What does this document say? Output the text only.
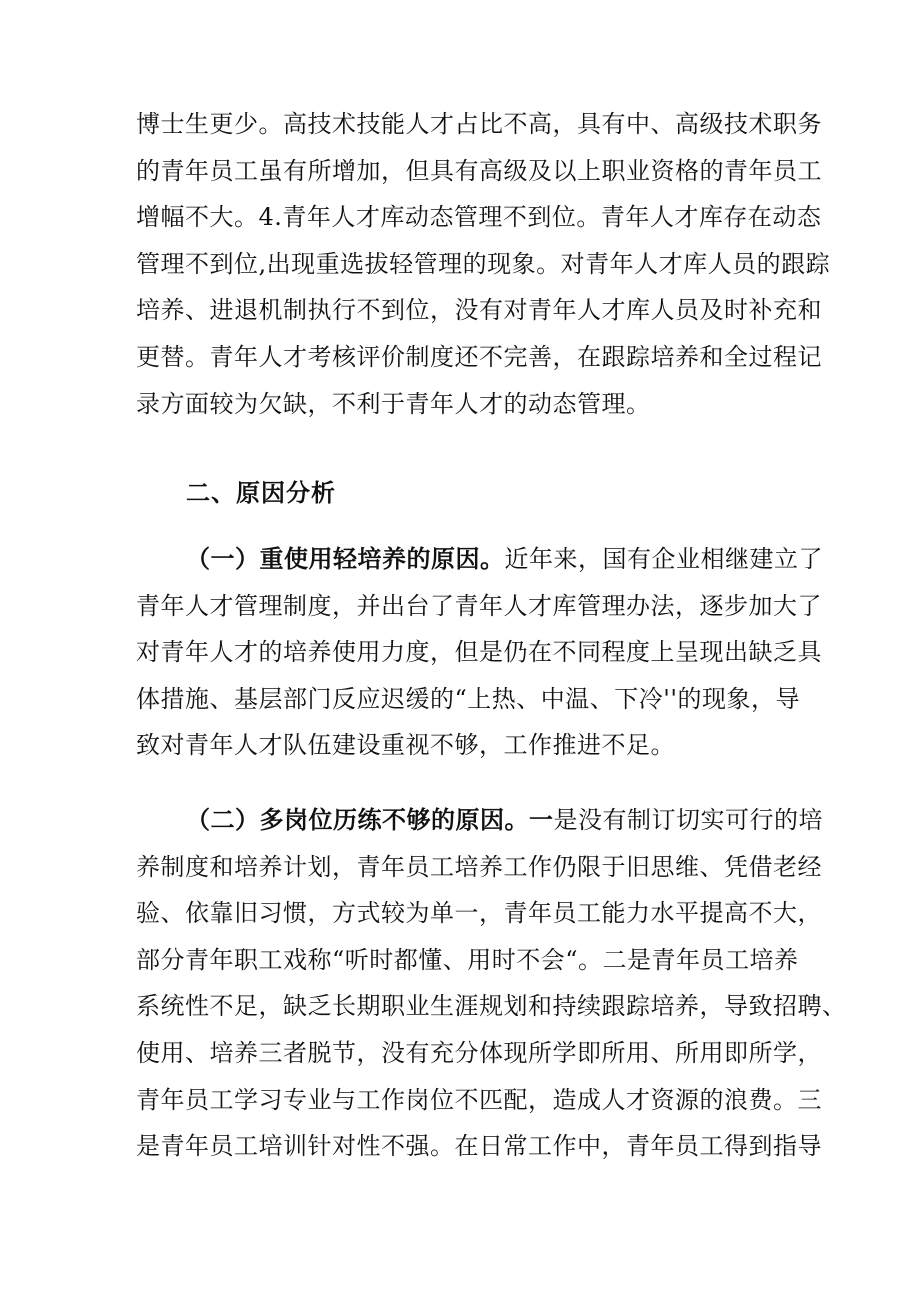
博士生更少。高技术技能人才占比不高，具有中、高级技术职务
的青年员工虽有所增加，但具有高级及以上职业资格的青年员工
增幅不大。4.青年人才库动态管理不到位。青年人才库存在动态
管理不到位,出现重选拔轻管理的现象。对青年人才库人员的跟踪
培养、进退机制执行不到位，没有对青年人才库人员及时补充和
更替。青年人才考核评价制度还不完善，在跟踪培养和全过程记
录方面较为欠缺，不利于青年人才的动态管理。
二、原因分析
（一）重使用轻培养的原因。近年来，国有企业相继建立了
青年人才管理制度，并出台了青年人才库管理办法，逐步加大了
对青年人才的培养使用力度，但是仍在不同程度上呈现出缺乏具
体措施、基层部门反应迟缓的“上热、中温、下冷''的现象，导
致对青年人才队伍建设重视不够，工作推进不足。
（二）多岗位历练不够的原因。一是没有制订切实可行的培
养制度和培养计划，青年员工培养工作仍限于旧思维、凭借老经
验、依靠旧习惯，方式较为单一，青年员工能力水平提高不大，
部分青年职工戏称“听时都懂、用时不会“。二是青年员工培养
系统性不足，缺乏长期职业生涯规划和持续跟踪培养，导致招聘、
使用、培养三者脱节，没有充分体现所学即所用、所用即所学，
青年员工学习专业与工作岗位不匹配，造成人才资源的浪费。三
是青年员工培训针对性不强。在日常工作中，青年员工得到指导
